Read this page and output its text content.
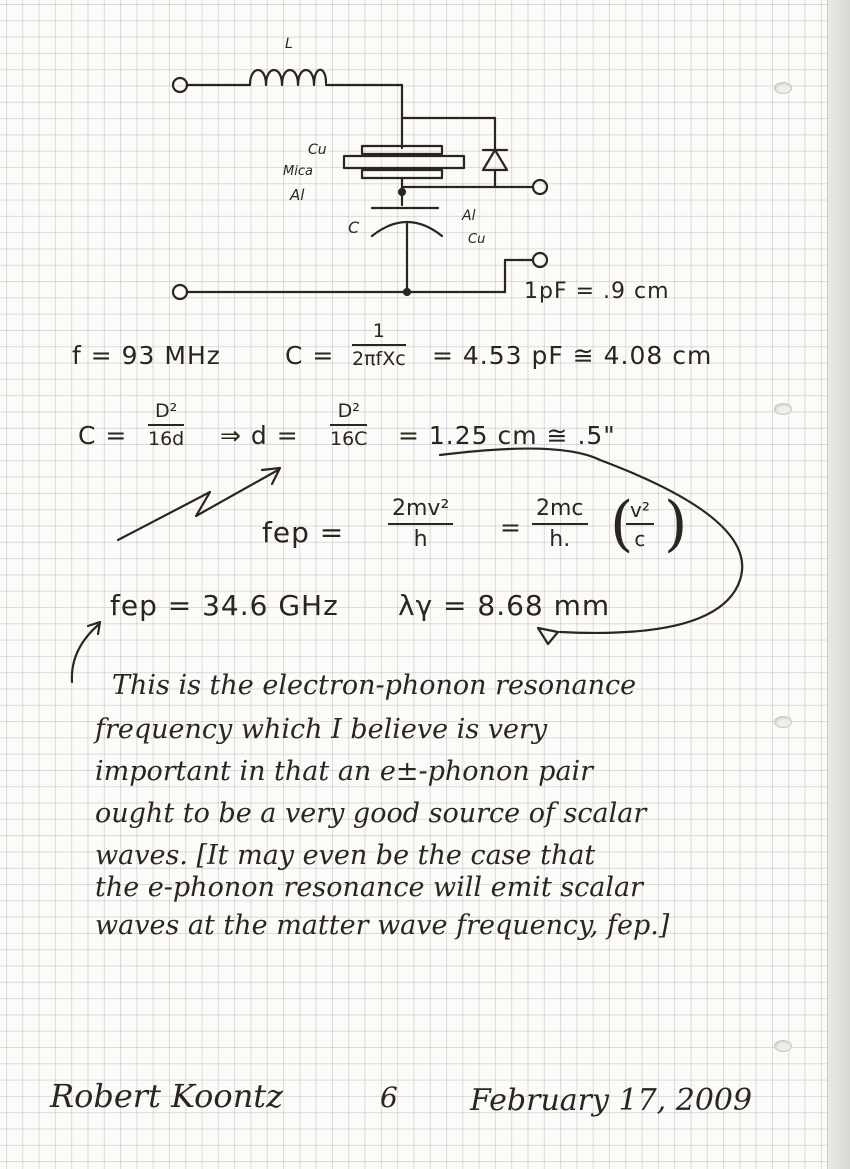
L
Cu
Mica
Al
C
Al
Cu
1pF = .9 cm
f = 93 MHz	C =
1
2πfXc = 4.53 pF ≅ 4.08 cm
$C = \frac{\text{D²}}{16d}$ ⇒ $d = \frac{\text{D²}}{16C} = 1.25$ cm ≅ .5"
fep = $\frac{\text{2mv²}}{h} = \frac{2mc}{h.}$ (
$\frac{\text{v²}}{c}$ )
fep = 34.6 GHz λγ = 8.68 mm
This is the electron-phonon resonance
frequency which I believe is very
important in that an e±-phonon pair
ought to be a very good source of scalar
waves. [It may even be the case that
the e-phonon resonance will emit scalar
waves at the matter wave frequency, fep.]
Robert Koontz	6 February 17, 2009
